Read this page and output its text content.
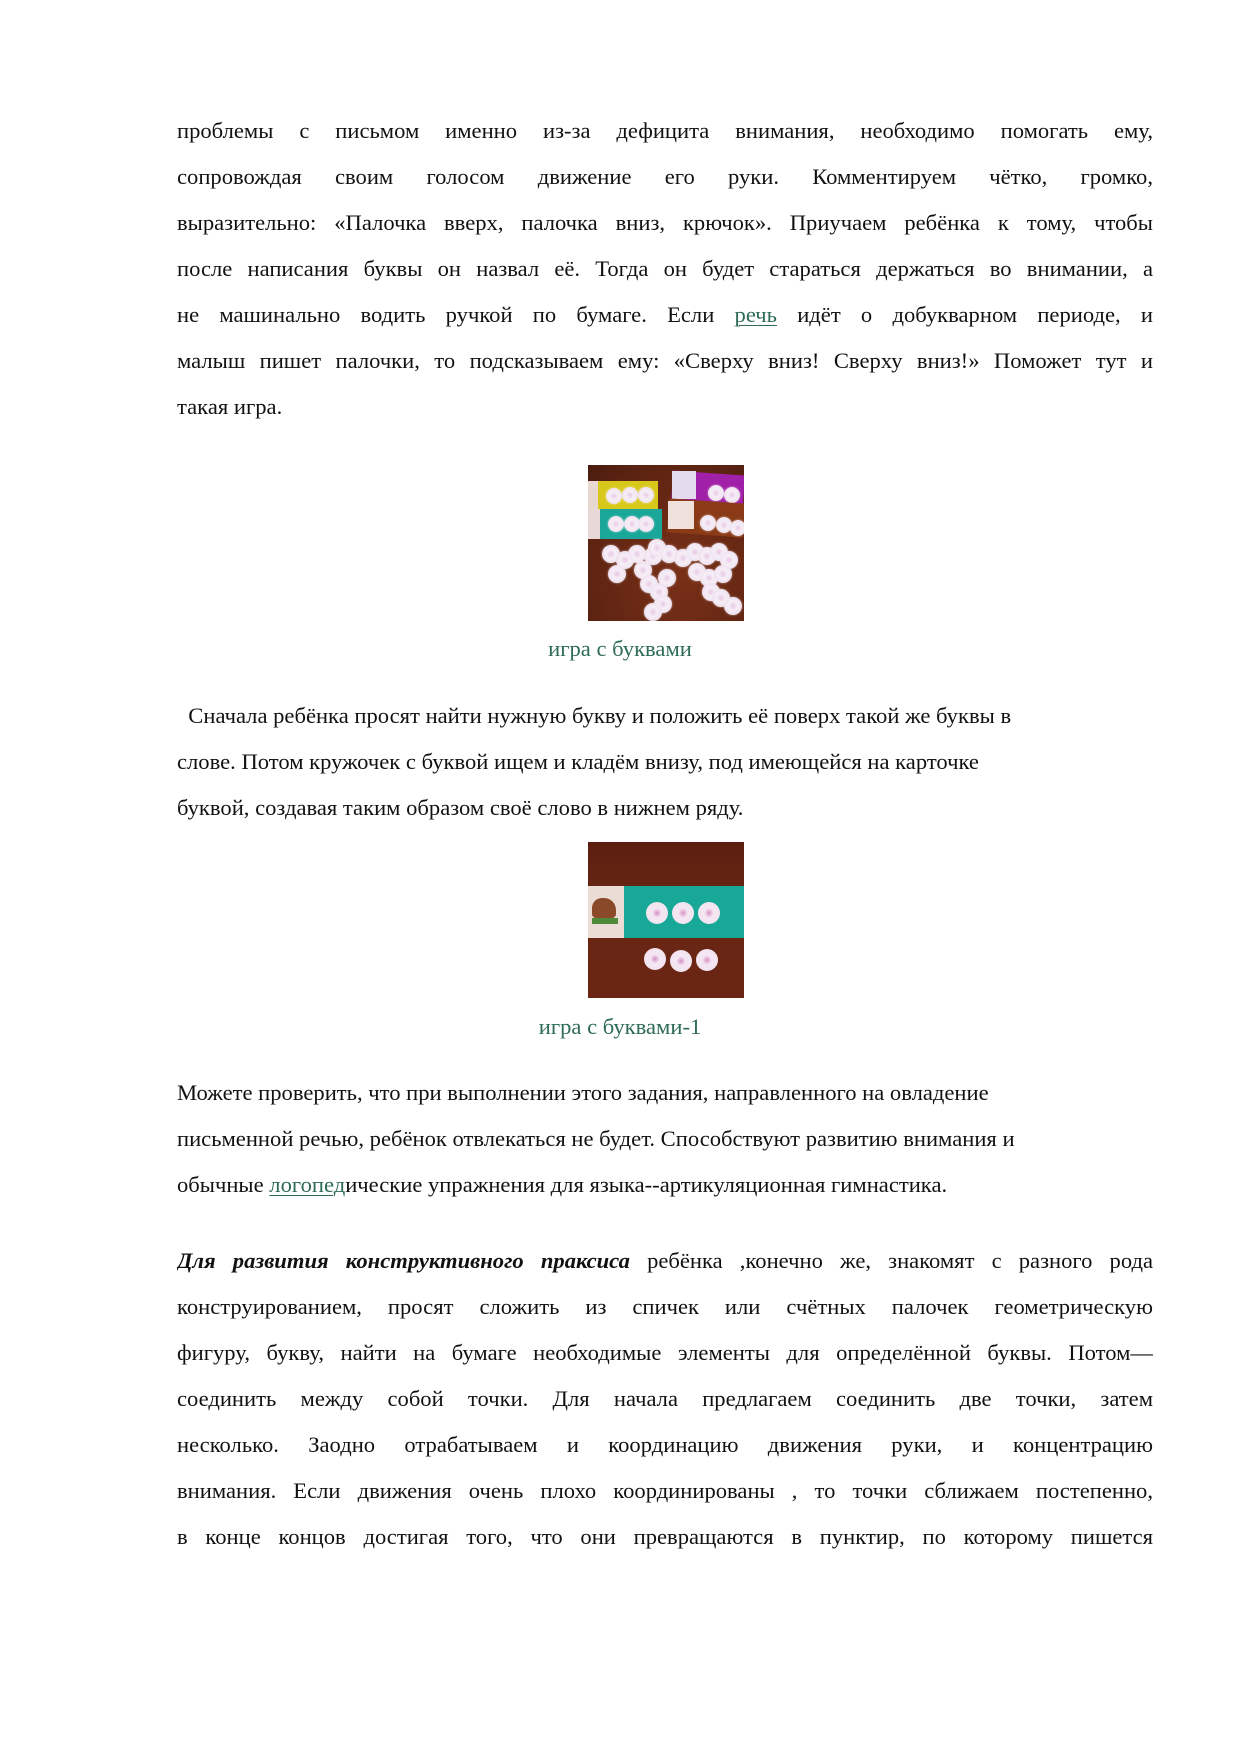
проблемы с письмом именно из-за дефицита внимания, необходимо помогать ему,
сопровождая своим голосом движение его руки. Комментируем чётко, громко,
выразительно: «Палочка вверх, палочка вниз, крючок». Приучаем ребёнка к тому, чтобы
после написания буквы он назвал её. Тогда он будет стараться держаться во внимании, а
не машинально водить ручкой по бумаге. Если речь идёт о добукварном периоде, и
малыш пишет палочки, то подсказываем ему: «Сверху вниз! Сверху вниз!» Поможет тут и
такая игра.
игра с буквами
Сначала ребёнка просят найти нужную букву и положить её поверх такой же буквы в
слове. Потом кружочек с буквой ищем и кладём внизу, под имеющейся на карточке
буквой, создавая таким образом своё слово в нижнем ряду.
игра с буквами-1
Можете проверить, что при выполнении этого задания, направленного на овладение
письменной речью, ребёнок отвлекаться не будет. Способствуют развитию внимания и
обычные логопедические упражнения для языка--артикуляционная гимнастика.
Для развития конструктивного праксиса ребёнка ,конечно же, знакомят с разного рода
конструированием, просят сложить из спичек или счётных палочек геометрическую
фигуру, букву, найти на бумаге необходимые элементы для определённой буквы. Потом—
соединить между собой точки. Для начала предлагаем соединить две точки, затем
несколько. Заодно отрабатываем и координацию движения руки, и концентрацию
внимания. Если движения очень плохо координированы , то точки сближаем постепенно,
в конце концов достигая того, что они превращаются в пунктир, по которому пишется
